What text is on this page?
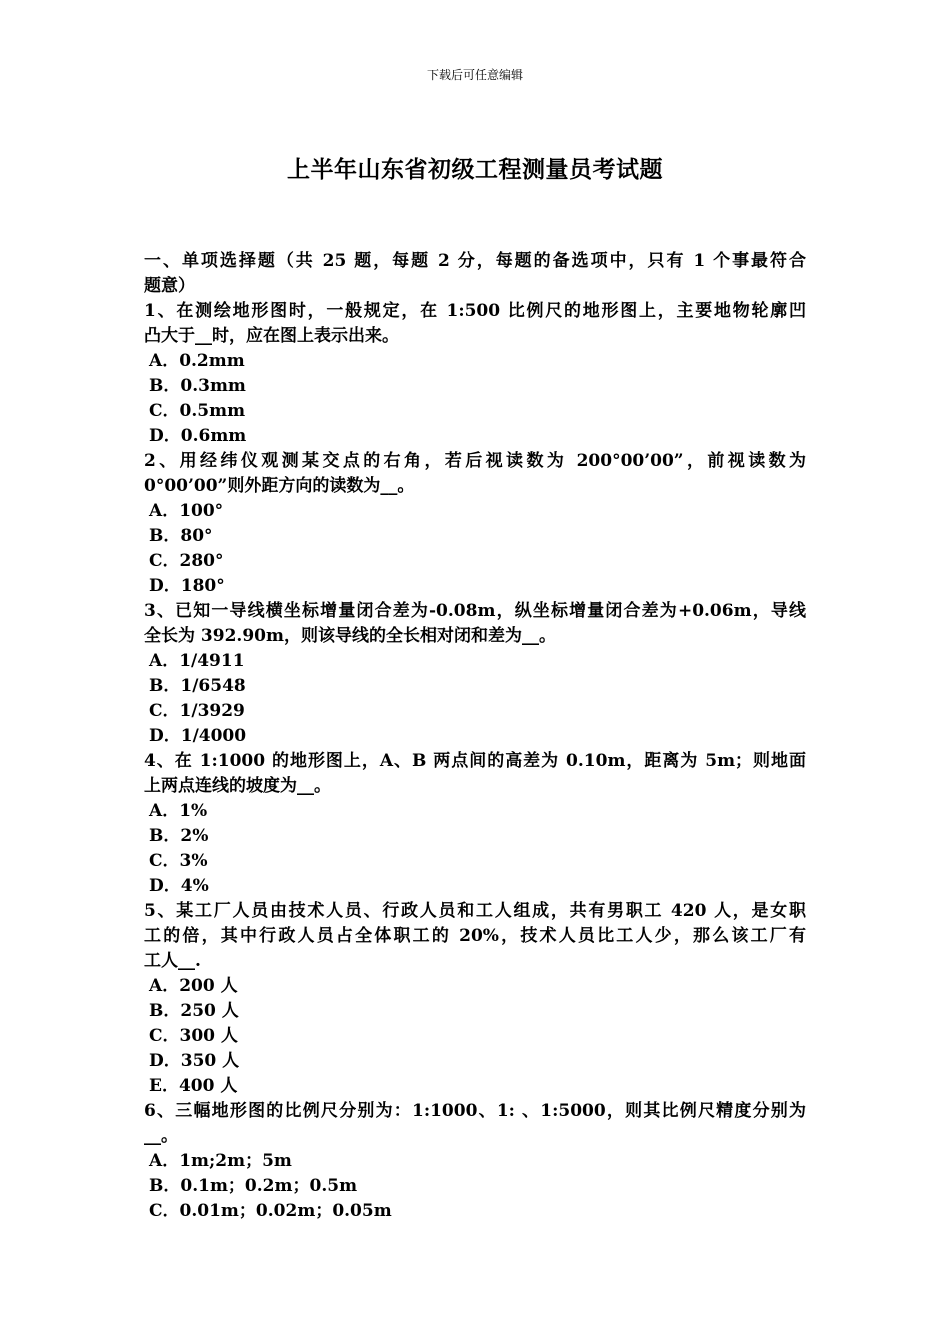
下载后可任意编辑
上半年山东省初级工程测量员考试题
一、单项选择题（共 25 题，每题 2 分，每题的备选项中，只有 1 个事最符合
题意）
1、在测绘地形图时，一般规定，在 1:500 比例尺的地形图上，主要地物轮廓凹
凸大于__时，应在图上表示出来。
A．0.2mm
B．0.3mm
C．0.5mm
D．0.6mm
2、用经纬仪观测某交点的右角，若后视读数为 200°00’00”，前视读数为
0°00’00”则外距方向的读数为__。
A．100°
B．80°
C．280°
D．180°
3、已知一导线横坐标增量闭合差为-0.08m，纵坐标增量闭合差为+0.06m，导线
全长为 392.90m，则该导线的全长相对闭和差为__。
A．1/4911
B．1/6548
C．1/3929
D．1/4000
4、在 1:1000 的地形图上，A、B 两点间的高差为 0.10m，距离为 5m；则地面
上两点连线的坡度为__。
A．1%
B．2%
C．3%
D．4%
5、某工厂人员由技术人员、行政人员和工人组成，共有男职工 420 人，是女职
工的倍，其中行政人员占全体职工的 20%，技术人员比工人少，那么该工厂有
工人__.
A．200 人
B．250 人
C．300 人
D．350 人
E．400 人
6、三幅地形图的比例尺分别为：1:1000、1: 、1:5000，则其比例尺精度分别为
__。
A．1m;2m；5m
B．0.1m；0.2m；0.5m
C．0.01m；0.02m；0.05m
